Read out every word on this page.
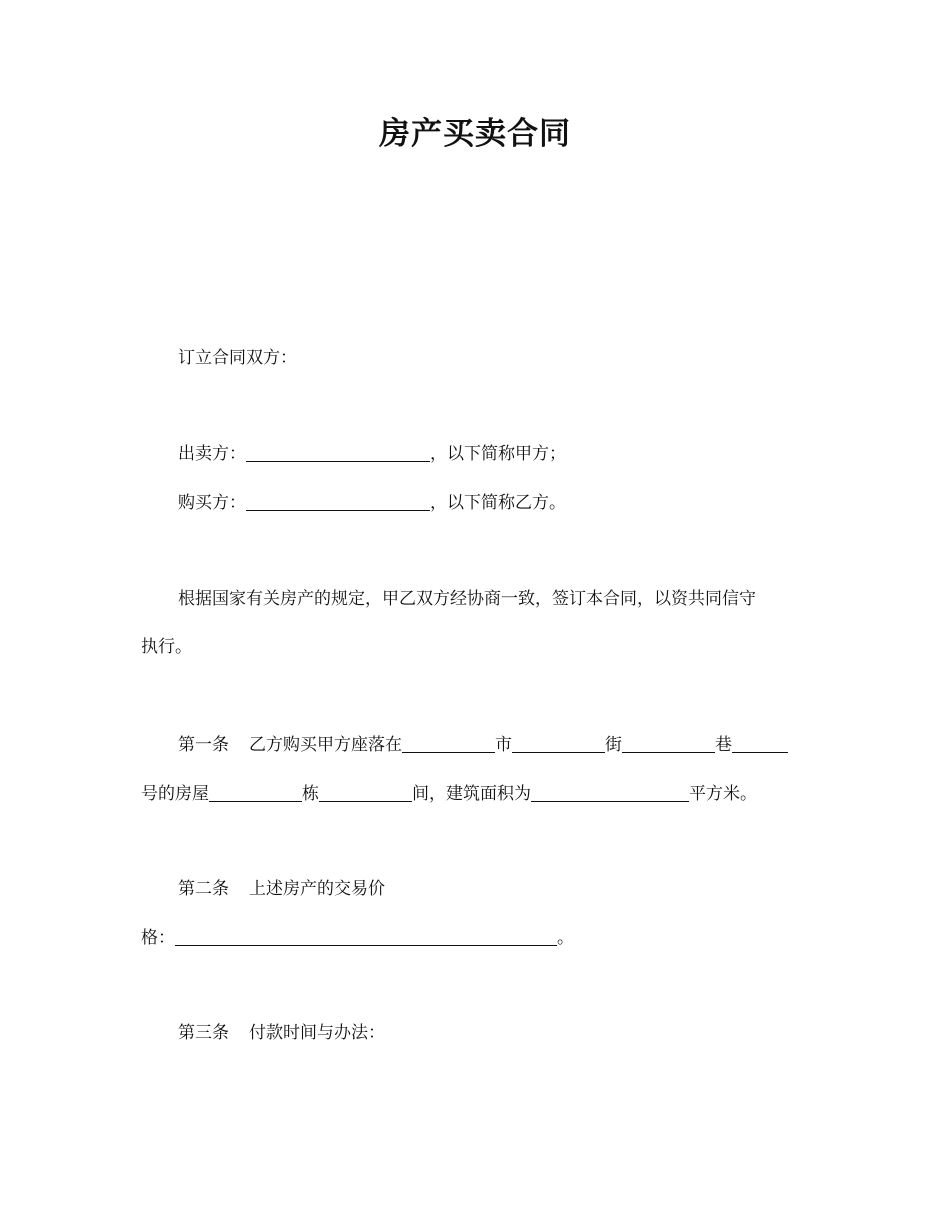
房产买卖合同
订立合同双方：
出卖方：	，以下简称甲方；
购买方：	，以下简称乙方。
根据国家有关房产的规定，甲乙双方经协商一致，签订本合同，以资共同信守
执行。
第一条 乙方购买甲方座落在	市	街	巷
号的房屋	栋	间，建筑面积为	平方米。
第二条 上述房产的交易价
格：	。
第三条 付款时间与办法：
